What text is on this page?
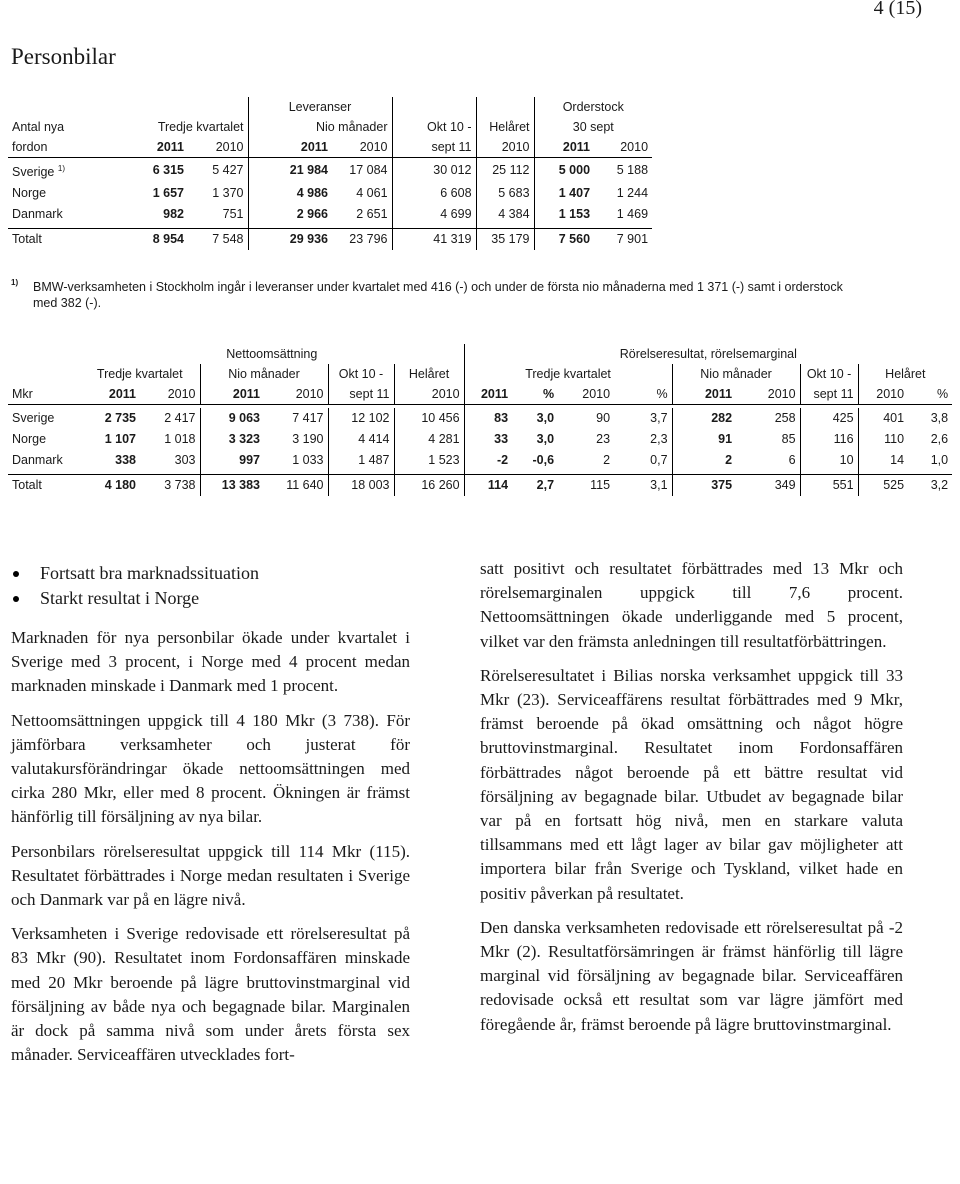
4 (15)
Personbilar
			Leveranser				Orderstock	
Antal nya	Tredje kvartalet		Nio månader		Okt 10 -	Helåret	30 sept	
fordon	2011	2010	2011	2010	sept 11	2010	2011	2010
Sverige $^{1)}$	6 315	5 427	21 984	17 084	30 012	25 112	5 000	5 188
Norge	1 657	1 370	4 986	4 061	6 608	5 683	1 407	1 244
Danmark	982	751	2 966	2 651	4 699	4 384	1 153	1 469

Totalt	8 954	7 548	29 936	23 796	41 319	35 179	7 560	7 901
1) BMW-verksamheten i Stockholm ingår i leveranser under kvartalet med 416 (-) och under de första nio månaderna med 1 371 (-) samt i orderstock med 382 (-).
	Nettoomsättning						Rörelseresultat, rörelsemarginal								
	Tredje kvartalet		Nio månader		Okt 10 -	Helåret	Tredje kvartalet				Nio månader		Okt 10 -	Helåret	
Mkr	2011	2010	2011	2010	sept 11	2010	2011	%	2010	%	2011	2010	sept 11	2010	%

Sverige	2 735	2 417	9 063	7 417	12 102	10 456	83	3,0	90	3,7	282	258	425	401	3,8
Norge	1 107	1 018	3 323	3 190	4 414	4 281	33	3,0	23	2,3	91	85	116	110	2,6
Danmark	338	303	997	1 033	1 487	1 523	-2	-0,6	2	0,7	2	6	10	14	1,0

Totalt	4 180	3 738	13 383	11 640	18 003	16 260	114	2,7	115	3,1	375	349	551	525	3,2
Fortsatt bra marknadssituation
Starkt resultat i Norge

Marknaden för nya personbilar ökade under kvartalet i Sverige med 3 procent, i Norge med 4 procent medan marknaden minskade i Danmark med 1 procent.

Nettoomsättningen uppgick till 4 180 Mkr (3 738). För jämförbara verksamheter och justerat för valutakursförändringar ökade nettoomsättningen med cirka 280 Mkr, eller med 8 procent. Ökningen är främst hänförlig till försäljning av nya bilar.

Personbilars rörelseresultat uppgick till 114 Mkr (115). Resultatet förbättrades i Norge medan resultaten i Sverige och Danmark var på en lägre nivå.

Verksamheten i Sverige redovisade ett rörelseresultat på 83 Mkr (90). Resultatet inom Fordonsaffären minskade med 20 Mkr beroende på lägre bruttovinstmarginal vid försäljning av både nya och begagnade bilar. Marginalen är dock på samma nivå som under årets första sex månader. Serviceaffären utvecklades fort-

satt positivt och resultatet förbättrades med 13 Mkr och rörelsemarginalen uppgick till 7,6 procent. Nettoomsättningen ökade underliggande med 5 procent, vilket var den främsta anledningen till resultatförbättringen.

Rörelseresultatet i Bilias norska verksamhet uppgick till 33 Mkr (23). Serviceaffärens resultat förbättrades med 9 Mkr, främst beroende på ökad omsättning och något högre bruttovinstmarginal. Resultatet inom Fordonsaffären förbättrades något beroende på ett bättre resultat vid försäljning av begagnade bilar. Utbudet av begagnade bilar var på en fortsatt hög nivå, men en starkare valuta tillsammans med ett lågt lager av bilar gav möjligheter att importera bilar från Sverige och Tyskland, vilket hade en positiv påverkan på resultatet.

Den danska verksamheten redovisade ett rörelseresultat på -2 Mkr (2). Resultatförsämringen är främst hänförlig till lägre marginal vid försäljning av begagnade bilar. Serviceaffären redovisade också ett resultat som var lägre jämfört med föregående år, främst beroende på lägre bruttovinstmarginal.
